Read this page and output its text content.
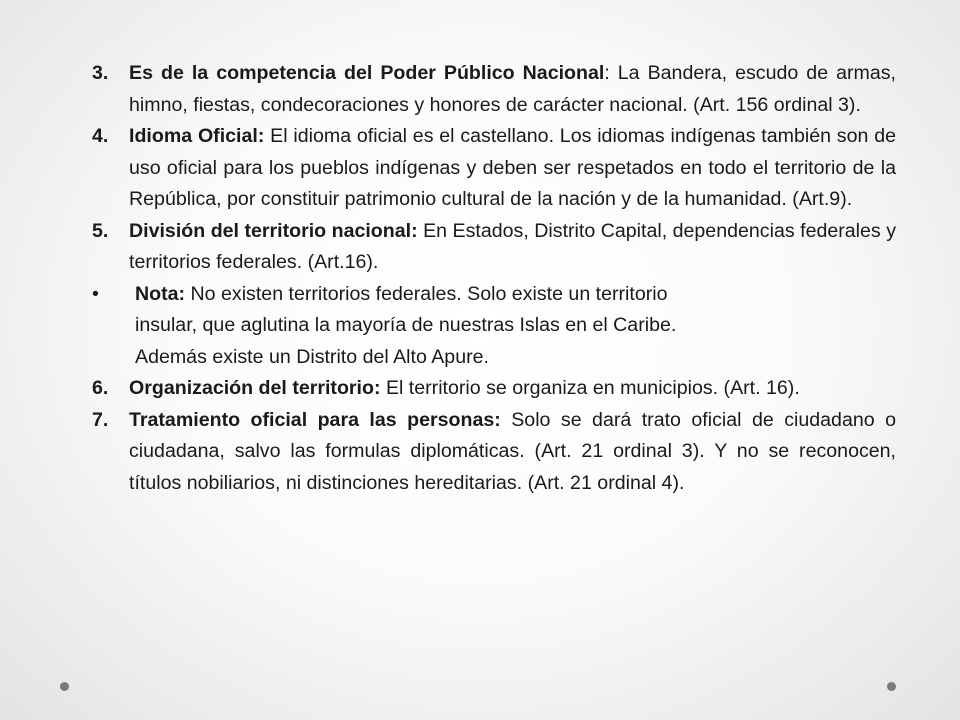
3. Es de la competencia del Poder Público Nacional: La Bandera, escudo de armas, himno, fiestas, condecoraciones y honores de carácter nacional. (Art. 156 ordinal 3).
4. Idioma Oficial: El idioma oficial es el castellano. Los idiomas indígenas también son de uso oficial para los pueblos indígenas y deben ser respetados en todo el territorio de la República, por constituir patrimonio cultural de la nación y de la humanidad. (Art.9).
5. División del territorio nacional: En Estados, Distrito Capital, dependencias federales y territorios federales. (Art.16).
• Nota: No existen territorios federales. Solo existe un territorio
insular, que aglutina la mayoría de nuestras Islas en el Caribe.
Además existe un Distrito del Alto Apure.
6. Organización del territorio: El territorio se organiza en municipios. (Art. 16).
7. Tratamiento oficial para las personas: Solo se dará trato oficial de ciudadano o ciudadana, salvo las formulas diplomáticas. (Art. 21 ordinal 3). Y no se reconocen, títulos nobiliarios, ni distinciones hereditarias. (Art. 21 ordinal 4).
